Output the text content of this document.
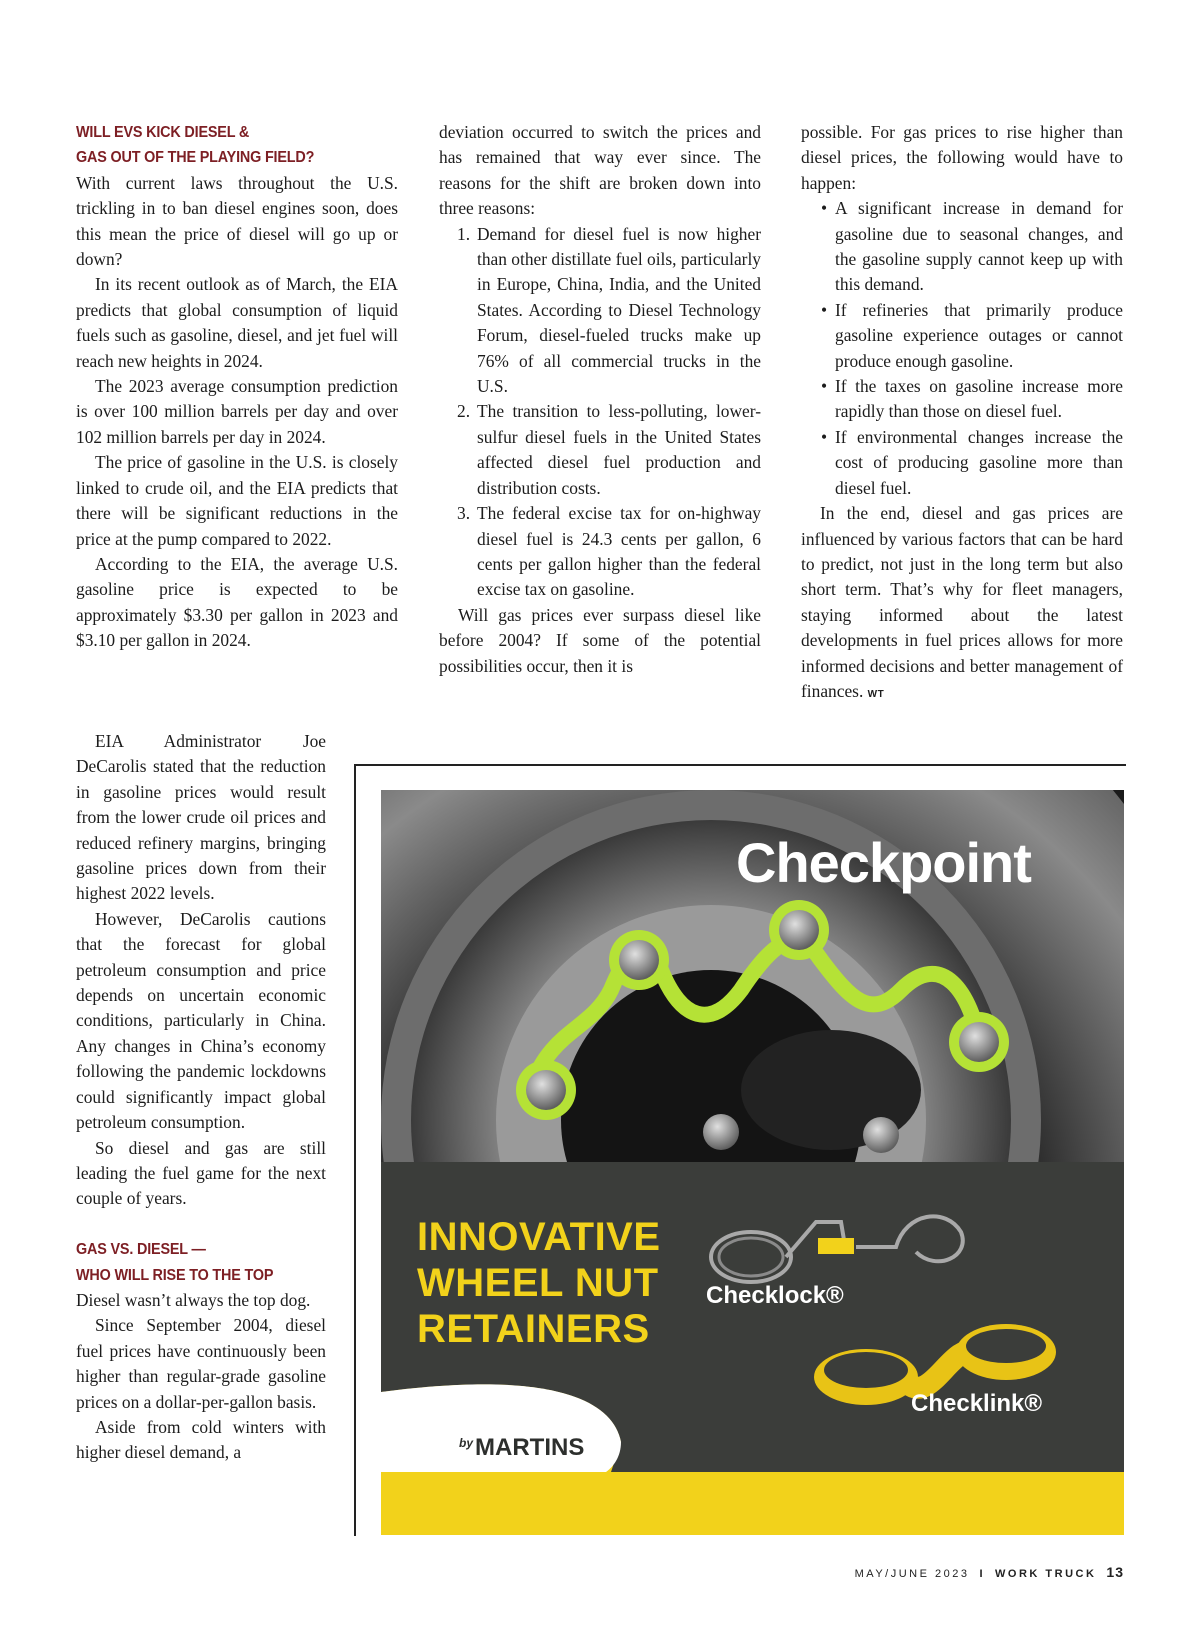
WILL EVS KICK DIESEL &
GAS OUT OF THE PLAYING FIELD?

With current laws throughout the U.S. trickling in to ban diesel engines soon, does this mean the price of diesel will go up or down?

In its recent outlook as of March, the EIA predicts that global consumption of liquid fuels such as gasoline, diesel, and jet fuel will reach new heights in 2024.

The 2023 average consumption prediction is over 100 million barrels per day and over 102 million barrels per day in 2024.

The price of gasoline in the U.S. is closely linked to crude oil, and the EIA predicts that there will be significant reductions in the price at the pump compared to 2022.

According to the EIA, the average U.S. gasoline price is expected to be approximately $3.30 per gallon in 2023 and $3.10 per gallon in 2024.

EIA Administrator Joe DeCarolis stated that the reduction in gasoline prices would result from the lower crude oil prices and reduced refinery margins, bringing gasoline prices down from their highest 2022 levels.

However, DeCarolis cautions that the forecast for global petroleum consumption and price depends on uncertain economic conditions, particularly in China. Any changes in China’s economy following the pandemic lockdowns could significantly impact global petroleum consumption.

So diesel and gas are still leading the fuel game for the next couple of years.

GAS VS. DIESEL —
WHO WILL RISE TO THE TOP

Diesel wasn’t always the top dog.

Since September 2004, diesel fuel prices have continuously been higher than regular-grade gasoline prices on a dollar-per-gallon basis.

Aside from cold winters with higher diesel demand, a

deviation occurred to switch the prices and has remained that way ever since. The reasons for the shift are broken down into three reasons:

1. Demand for diesel fuel is now higher than other distillate fuel oils, particularly in Europe, China, India, and the United States. According to Diesel Technology Forum, diesel-fueled trucks make up 76% of all commercial trucks in the U.S.
2. The transition to less-polluting, lower-sulfur diesel fuels in the United States affected diesel fuel production and distribution costs.
3. The federal excise tax for on-highway diesel fuel is 24.3 cents per gallon, 6 cents per gallon higher than the federal excise tax on gasoline.

Will gas prices ever surpass diesel like before 2004? If some of the potential possibilities occur, then it is

possible. For gas prices to rise higher than diesel prices, the following would have to happen:

• A significant increase in demand for gasoline due to seasonal changes, and the gasoline supply cannot keep up with this demand.
• If refineries that primarily produce gasoline experience outages or cannot produce enough gasoline.
• If the taxes on gasoline increase more rapidly than those on diesel fuel.
• If environmental changes increase the cost of producing gasoline more than diesel fuel.

In the end, diesel and gas prices are influenced by various factors that can be hard to predict, not just in the long term but also short term. That’s why for fleet managers, staying informed about the latest developments in fuel prices allows for more informed decisions and better management of finances. WT

Checkpoint
INNOVATIVE
WHEEL NUT
RETAINERS
Checklock®
Checklink®
$^{by}$MARTINS
MAY/JUNE 2023 I WORK TRUCK 13
